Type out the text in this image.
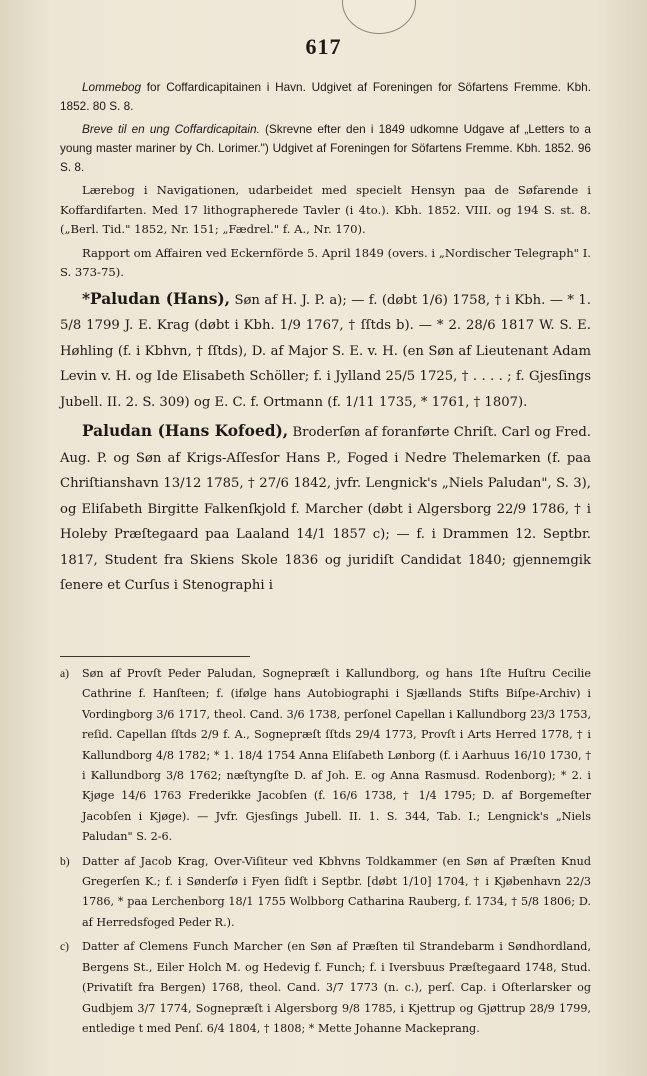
617

Lommebog for Coffardicapitainen i Havn. Udgivet af Foreningen for Söfartens Fremme. Kbh. 1852. 80 S. 8.

Breve til en ung Coffardicapitain. (Skrevne efter den i 1849 udkomne Udgave af „Letters to a young master mariner by Ch. Lorimer.") Udgivet af Foreningen for Söfartens Fremme. Kbh. 1852. 96 S. 8.

Lærebog i Navigationen, udarbeidet med specielt Hensyn paa de Søfarende i Koffardifarten. Med 17 lithographerede Tavler (i 4to.). Kbh. 1852. VIII. og 194 S. st. 8. („Berl. Tid." 1852, Nr. 151; „Fædrel." f. A., Nr. 170).

Rapport om Affairen ved Eckernförde 5. April 1849 (overs. i „Nordischer Telegraph" I. S. 373-75).

*Paludan (Hans), Søn af H. J. P. a); — f. (døbt 1/6) 1758, † i Kbh. — * 1. 5/8 1799 J. E. Krag (døbt i Kbh. 1/9 1767, † ſſtds b). — * 2. 28/6 1817 W. S. E. Høhling (f. i Kbhvn, † ſſtds), D. af Major S. E. v. H. (en Søn af Lieutenant Adam Levin v. H. og Ide Elisabeth Schöller; f. i Jylland 25/5 1725, † . . . . ; f. Gjesſings Jubell. II. 2. S. 309) og E. C. f. Ortmann (f. 1/11 1735, * 1761, † 1807).

Paludan (Hans Kofoed), Broderſøn af foranførte Chriſt. Carl og Fred. Aug. P. og Søn af Krigs-Aſſesſor Hans P., Foged i Nedre Thelemarken (f. paa Chriſtianshavn 13/12 1785, † 27/6 1842, jvfr. Lengnick's „Niels Paludan", S. 3), og Eliſabeth Birgitte Falkenſkjold f. Marcher (døbt i Algersborg 22/9 1786, † i Holeby Præſtegaard paa Laaland 14/1 1857 c); — f. i Drammen 12. Septbr. 1817, Student fra Skiens Skole 1836 og juridiſt Candidat 1840; gjennemgik ſenere et Curſus i Stenographi i

a) Søn af Provſt Peder Paludan, Sognepræſt i Kallundborg, og hans 1ſte Huſtru Cecilie Cathrine f. Hanſteen; f. (ifølge hans Autobiographi i Sjællands Stifts Biſpe-Archiv) i Vordingborg 3/6 1717, theol. Cand. 3/6 1738, perſonel Capellan i Kallundborg 23/3 1753, reſid. Capellan ſſtds 2/9 f. A., Sognepræſt ſſtds 29/4 1773, Provſt i Arts Herred 1778, † i Kallundborg 4/8 1782; * 1. 18/4 1754 Anna Eliſabeth Lønborg (f. i Aarhuus 16/10 1730, † i Kallundborg 3/8 1762; næſtyngſte D. af Joh. E. og Anna Rasmusd. Rodenborg); * 2. i Kjøge 14/6 1763 Frederikke Jacobſen (f. 16/6 1738, † 1/4 1795; D. af Borgemeſter Jacobſen i Kjøge). — Jvfr. Gjesſings Jubell. II. 1. S. 344, Tab. I.; Lengnick's „Niels Paludan" S. 2-6.

b) Datter af Jacob Krag, Over-Viſiteur ved Kbhvns Toldkammer (en Søn af Præſten Knud Gregerſen K.; f. i Sønderſø i Fyen ſidſt i Septbr. [døbt 1/10] 1704, † i Kjøbenhavn 22/3 1786, * paa Lerchenborg 18/1 1755 Wolbborg Catharina Rauberg, f. 1734, † 5/8 1806; D. af Herredsfoged Peder R.).

c) Datter af Clemens Funch Marcher (en Søn af Præſten til Strandebarm i Søndhordland, Bergens St., Eiler Holch M. og Hedevig f. Funch; f. i Iversbuus Præſtegaard 1748, Stud. (Privatiſt fra Bergen) 1768, theol. Cand. 3/7 1773 (n. c.), perſ. Cap. i Oſterlarsker og Gudbjem 3/7 1774, Sognepræſt i Algersborg 9/8 1785, i Kjettrup og Gjøttrup 28/9 1799, entledige t med Penſ. 6/4 1804, † 1808; * Mette Johanne Mackeprang.
